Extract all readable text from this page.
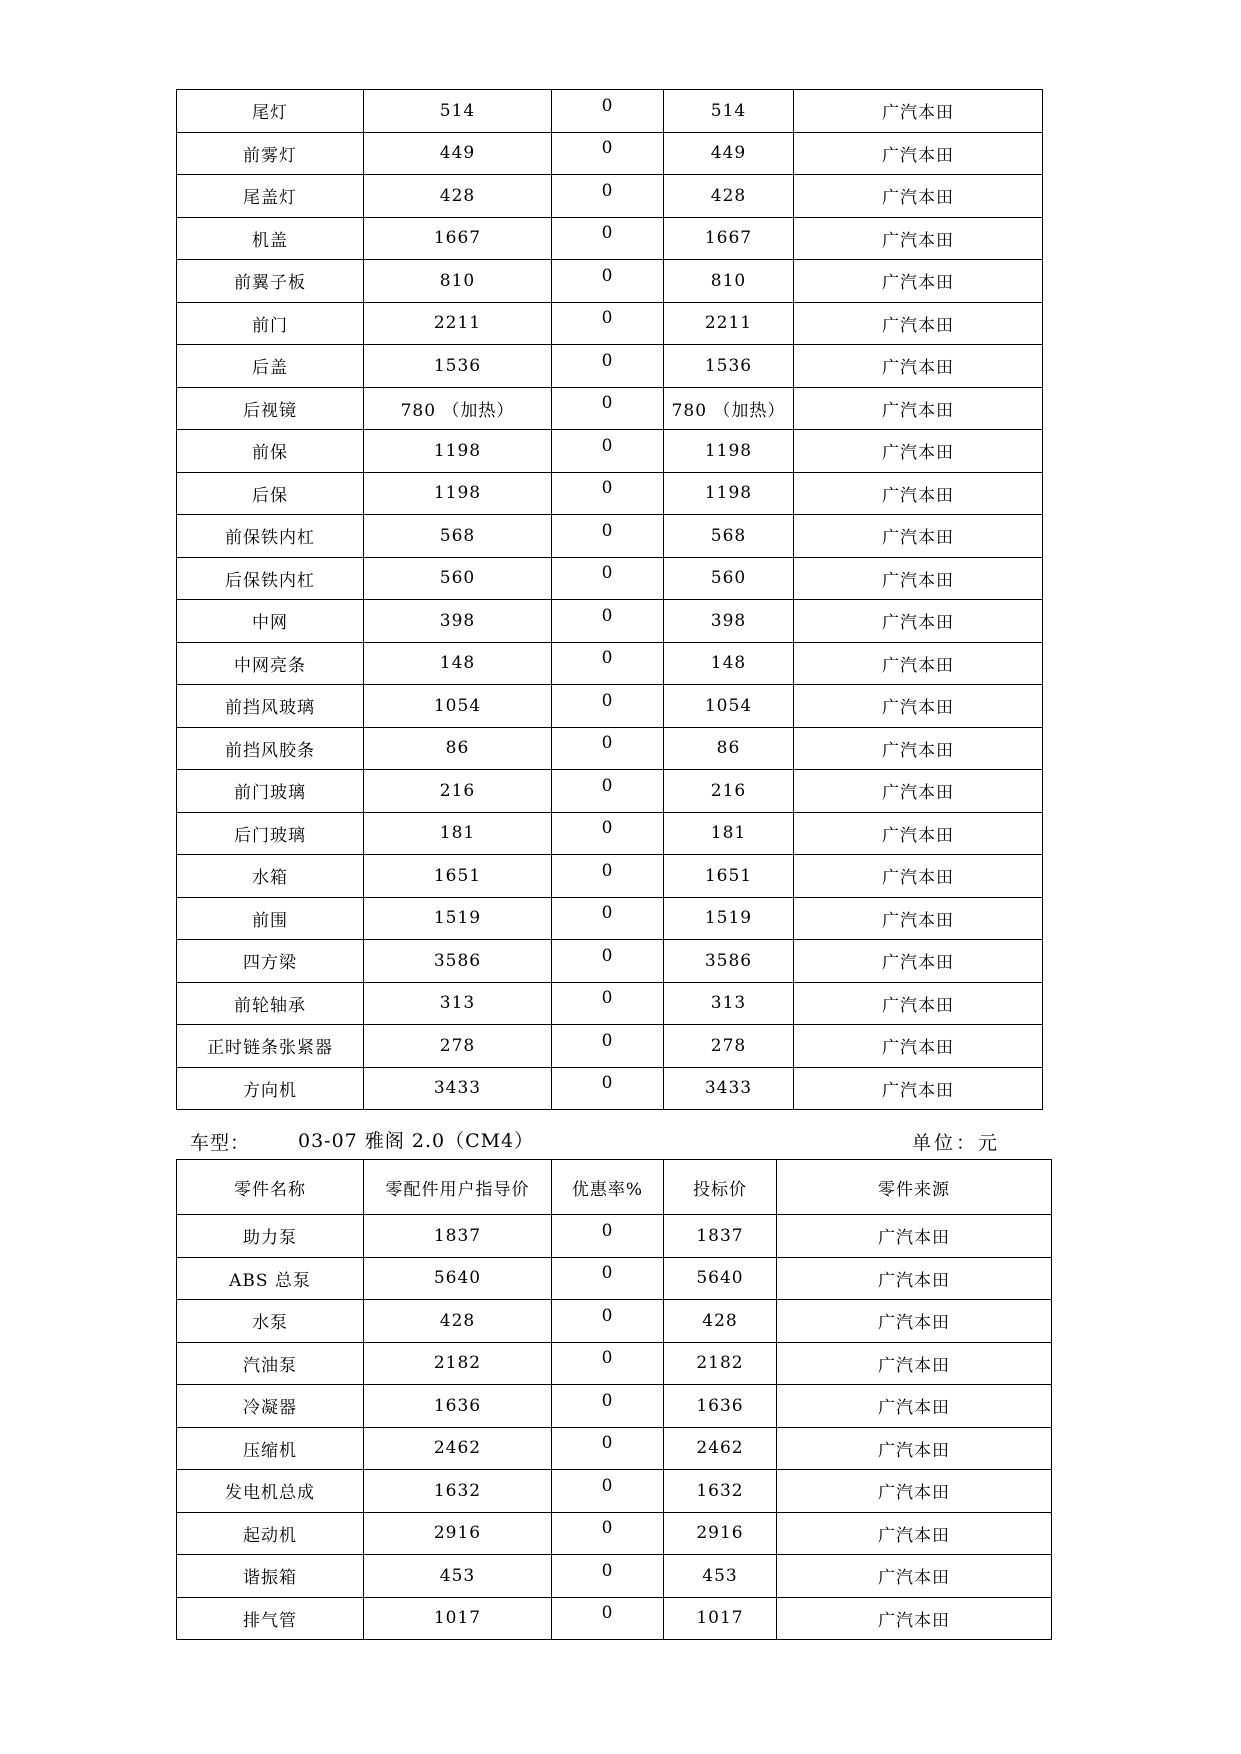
尾灯	514	0	514	广汽本田
前雾灯	449	0	449	广汽本田
尾盖灯	428	0	428	广汽本田
机盖	1667	0	1667	广汽本田
前翼子板	810	0	810	广汽本田
前门	2211	0	2211	广汽本田
后盖	1536	0	1536	广汽本田
后视镜	780 （加热）	0	780 （加热）	广汽本田
前保	1198	0	1198	广汽本田
后保	1198	0	1198	广汽本田
前保铁内杠	568	0	568	广汽本田
后保铁内杠	560	0	560	广汽本田
中网	398	0	398	广汽本田
中网亮条	148	0	148	广汽本田
前挡风玻璃	1054	0	1054	广汽本田
前挡风胶条	86	0	86	广汽本田
前门玻璃	216	0	216	广汽本田
后门玻璃	181	0	181	广汽本田
水箱	1651	0	1651	广汽本田
前围	1519	0	1519	广汽本田
四方梁	3586	0	3586	广汽本田
前轮轴承	313	0	313	广汽本田
正时链条张紧器	278	0	278	广汽本田
方向机	3433	0	3433	广汽本田
车型：	03-07 雅阁 2.0（CM4）	单位：元
零件名称	零配件用户指导价	优惠率%	投标价	零件来源
助力泵	1837	0	1837	广汽本田
ABS 总泵	5640	0	5640	广汽本田
水泵	428	0	428	广汽本田
汽油泵	2182	0	2182	广汽本田
冷凝器	1636	0	1636	广汽本田
压缩机	2462	0	2462	广汽本田
发电机总成	1632	0	1632	广汽本田
起动机	2916	0	2916	广汽本田
谐振箱	453	0	453	广汽本田
排气管	1017	0	1017	广汽本田
